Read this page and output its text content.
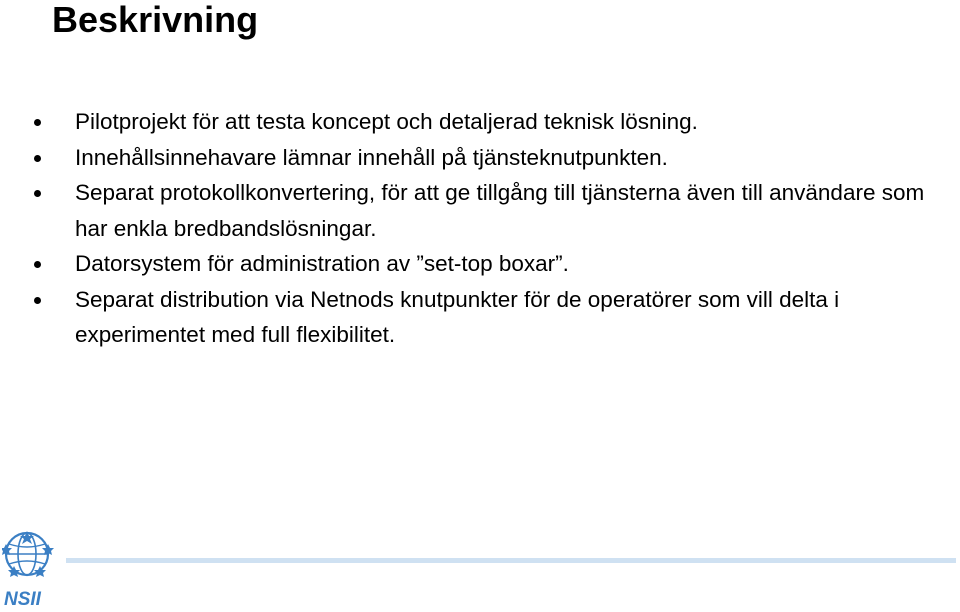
Beskrivning
Pilotprojekt för att testa koncept och detaljerad teknisk lösning.
Innehållsinnehavare lämnar innehåll på tjänsteknutpunkten.
Separat protokollkonvertering, för att ge tillgång till tjänsterna även till användare som har enkla bredbandslösningar.
Datorsystem för administration av ”set-top boxar”.
Separat distribution via Netnods knutpunkter för de operatörer som vill delta i experimentet med full flexibilitet.
NSII
